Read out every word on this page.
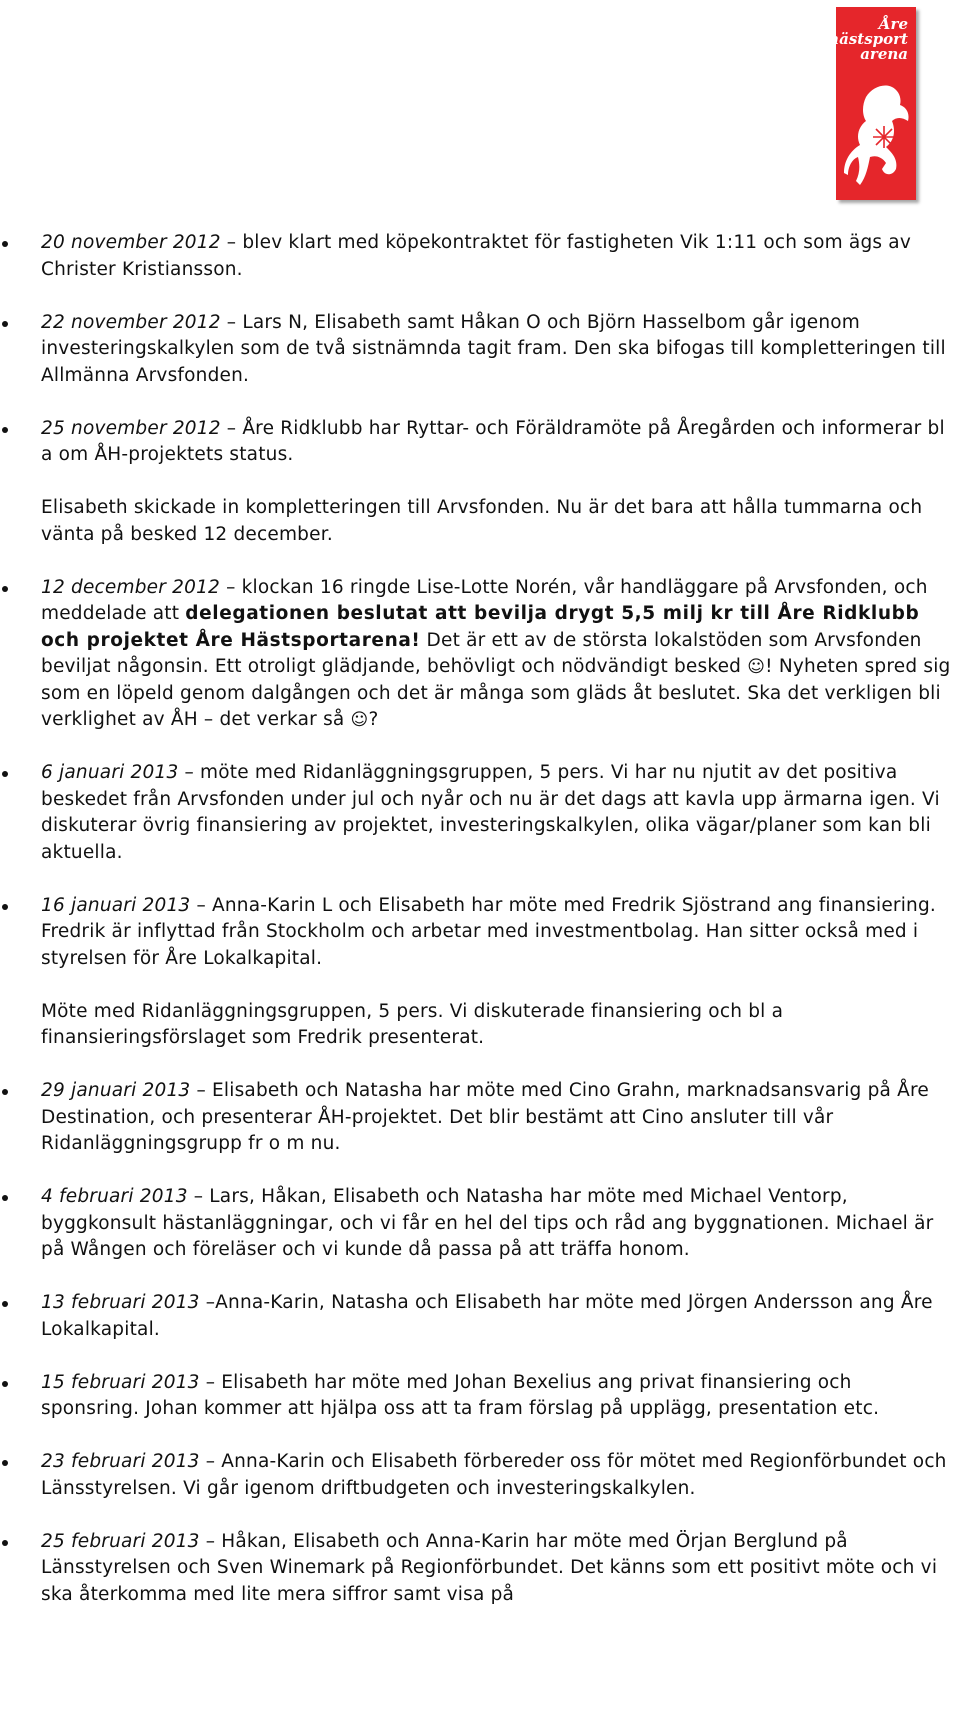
Åre
hästsport
arena
20 november 2012 – blev klart med köpekontraktet för fastigheten Vik 1:11 och som ägs av Christer Kristiansson.
22 november 2012 – Lars N, Elisabeth samt Håkan O och Björn Hasselbom går igenom investeringskalkylen som de två sistnämnda tagit fram. Den ska bifogas till kompletteringen till Allmänna Arvsfonden.
25 november 2012 – Åre Ridklubb har Ryttar- och Föräldramöte på Åregården och informerar bl a om ÅH-projektets status.
Elisabeth skickade in kompletteringen till Arvsfonden. Nu är det bara att hålla tummarna och vänta på besked 12 december.
12 december 2012 – klockan 16 ringde Lise-Lotte Norén, vår handläggare på Arvsfonden, och meddelade att delegationen beslutat att bevilja drygt 5,5 milj kr till Åre Ridklubb och projektet Åre Hästsportarena! Det är ett av de största lokalstöden som Arvsfonden beviljat någonsin. Ett otroligt glädjande, behövligt och nödvändigt besked ☺! Nyheten spred sig som en löpeld genom dalgången och det är många som gläds åt beslutet. Ska det verkligen bli verklighet av ÅH – det verkar så ☺?
6 januari 2013 – möte med Ridanläggningsgruppen, 5 pers. Vi har nu njutit av det positiva beskedet från Arvsfonden under jul och nyår och nu är det dags att kavla upp ärmarna igen. Vi diskuterar övrig finansiering av projektet, investeringskalkylen, olika vägar/planer som kan bli aktuella.
16 januari 2013 – Anna-Karin L och Elisabeth har möte med Fredrik Sjöstrand ang finansiering. Fredrik är inflyttad från Stockholm och arbetar med investmentbolag. Han sitter också med i styrelsen för Åre Lokalkapital.
Möte med Ridanläggningsgruppen, 5 pers. Vi diskuterade finansiering och bl a finansieringsförslaget som Fredrik presenterat.
29 januari 2013 – Elisabeth och Natasha har möte med Cino Grahn, marknadsansvarig på Åre Destination, och presenterar ÅH-projektet. Det blir bestämt att Cino ansluter till vår Ridanläggningsgrupp fr o m nu.
4 februari 2013 – Lars, Håkan, Elisabeth och Natasha har möte med Michael Ventorp, byggkonsult hästanläggningar, och vi får en hel del tips och råd ang byggnationen. Michael är på Wången och föreläser och vi kunde då passa på att träffa honom.
13 februari 2013 –Anna-Karin, Natasha och Elisabeth har möte med Jörgen Andersson ang Åre Lokalkapital.
15 februari 2013 – Elisabeth har möte med Johan Bexelius ang privat finansiering och sponsring. Johan kommer att hjälpa oss att ta fram förslag på upplägg, presentation etc.
23 februari 2013 – Anna-Karin och Elisabeth förbereder oss för mötet med Regionförbundet och Länsstyrelsen. Vi går igenom driftbudgeten och investeringskalkylen.
25 februari 2013 – Håkan, Elisabeth och Anna-Karin har möte med Örjan Berglund på Länsstyrelsen och Sven Winemark på Regionförbundet. Det känns som ett positivt möte och vi ska återkomma med lite mera siffror samt visa på
